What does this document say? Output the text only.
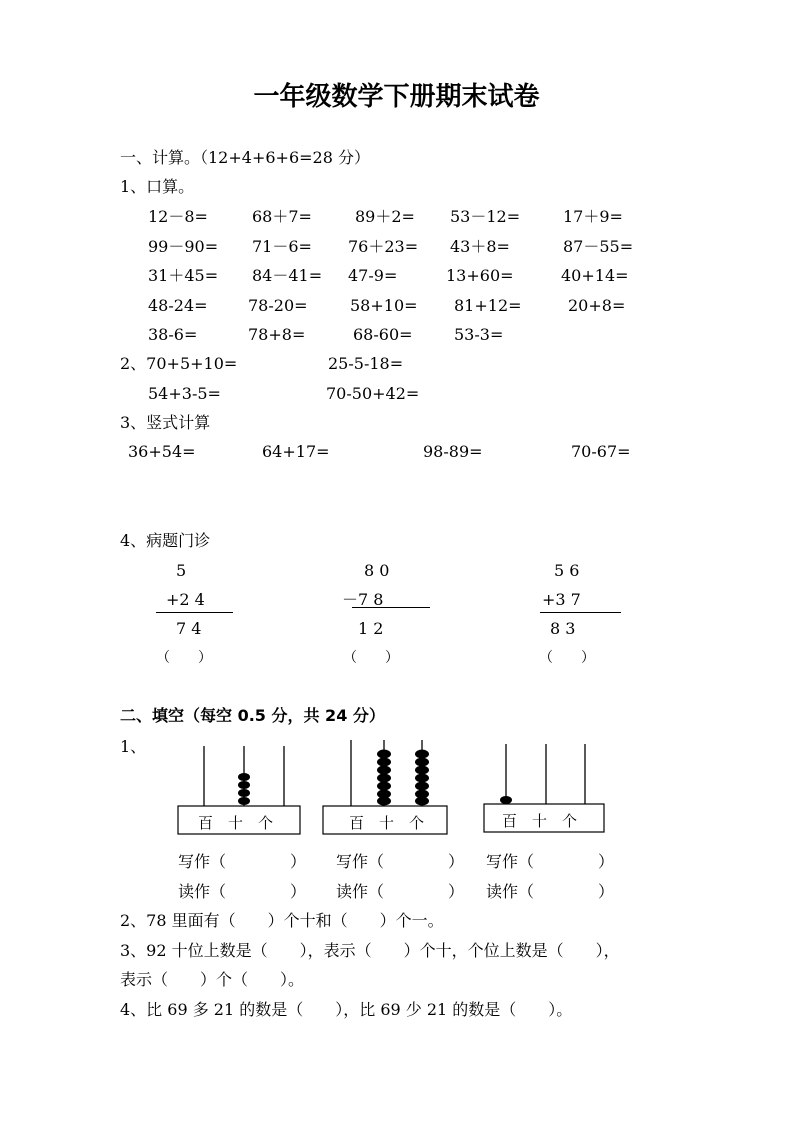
一年级数学下册期末试卷
一、计算。（12+4+6+6=28 分）
1、口算。
12－8=	68＋7=	89＋2= 53－12=	17＋9=
99－90= 71－6= 76＋23= 43＋8=	87－55=
31＋45= 84－41= 47-9=	13+60=	40+14=
48-24=	78-20=	58+10= 81+12=	20+8=
38-6=	78+8=	68-60=	53-3=
2、70+5+10=	25-5-18=
54+3-5=	70-50+42=
3、竖式计算
36+54=	64+17=	98-89=	70-67=
4、病题门诊
5
+2 4
7 4
（　　）
8 0
－7 8
1 2
（　　）
5 6
+3 7
8 3
（　　）
二、填空（每空 0.5 分，共 24 分）
1、
百　十　个	百　十　个	百　十　个
写作（　　　　） 写作（　　　　） 写作（　　　　）
读作（　　　　） 读作（　　　　） 读作（　　　　）
2、78 里面有（　　）个十和（　　）个一。
3、92 十位上数是（　　），表示（　　）个十，个位上数是（　　），
表示（　　）个（　　）。
4、比 69 多 21 的数是（　　），比 69 少 21 的数是（　　）。
